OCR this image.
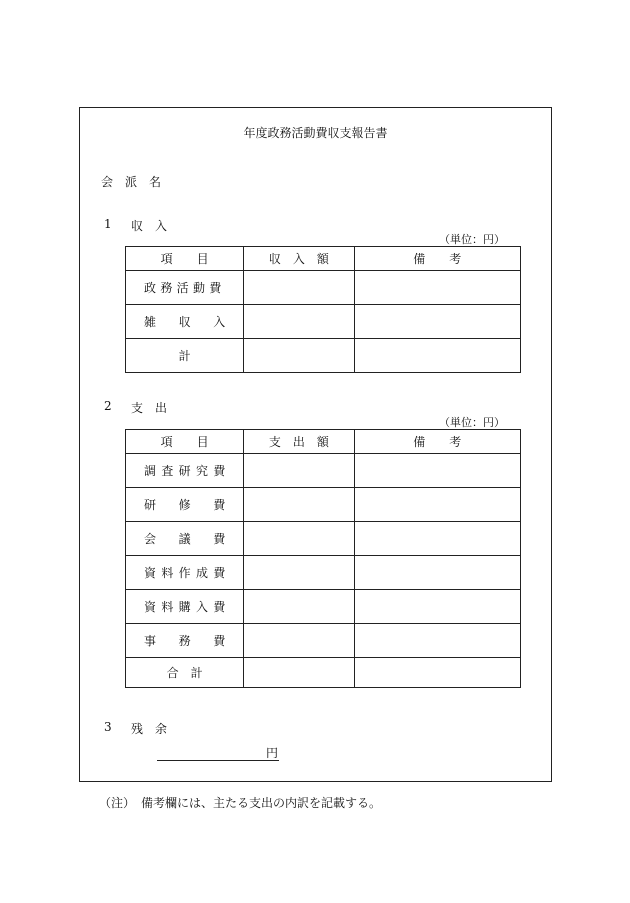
年度政務活動費収支報告書
会　派　名
1 収　入
（単位：円）
項　　目	収　入　額	備　　考
政務活動費		
雑　収　入		
計		
2 支　出
（単位：円）
項　　目	支　出　額	備　　考
調査研究費		
研　修　費		
会　議　費		
資料作成費		
資料購入費		
事　務　費		
合　計		
3 残　余
円
（注）　備考欄には、主たる支出の内訳を記載する。
